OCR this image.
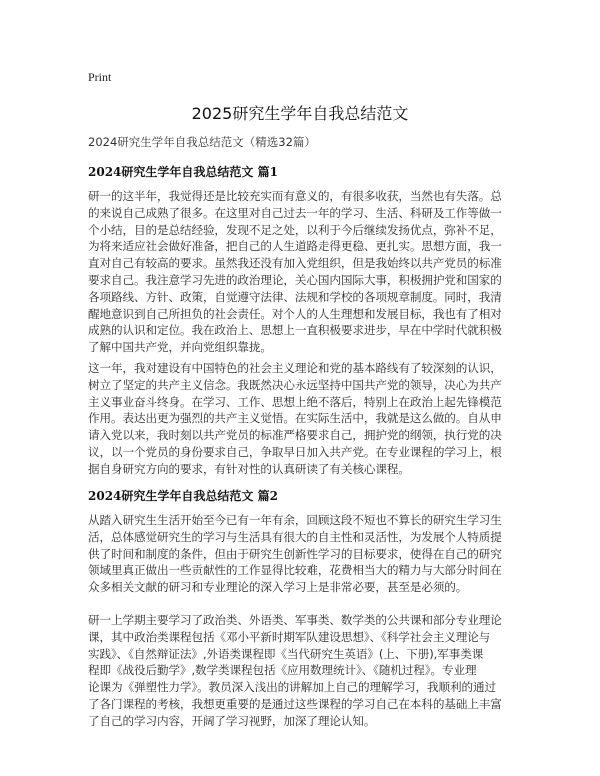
Print
2025研究生学年自我总结范文
2024研究生学年自我总结范文（精选32篇）
2024研究生学年自我总结范文 篇1

研一的这半年，我觉得还是比较充实而有意义的，有很多收获，当然也有失落。总
的来说自己成熟了很多。在这里对自己过去一年的学习、生活、科研及工作等做一
个小结，目的是总结经验，发现不足之处，以利于今后继续发扬优点，弥补不足，
为将来适应社会做好准备，把自己的人生道路走得更稳、更扎实。思想方面，我一
直对自己有较高的要求。虽然我还没有加入党组织，但是我始终以共产党员的标准
要求自己。我注意学习先进的政治理论，关心国内国际大事，积极拥护党和国家的
各项路线、方针、政策，自觉遵守法律、法规和学校的各项规章制度。同时，我清
醒地意识到自己所担负的社会责任。对个人的人生理想和发展目标，我也有了相对
成熟的认识和定位。我在政治上、思想上一直积极要求进步，早在中学时代就积极
了解中国共产党，并向党组织靠拢。

这一年，我对建设有中国特色的社会主义理论和党的基本路线有了较深刻的认识，
树立了坚定的共产主义信念。我既然决心永远坚持中国共产党的领导，决心为共产
主义事业奋斗终身。在学习、工作、思想上绝不落后，特别上在政治上起先锋模范
作用。表达出更为强烈的共产主义觉悟。在实际生活中，我就是这么做的。自从申
请入党以来，我时刻以共产党员的标准严格要求自己，拥护党的纲领，执行党的决
议，以一个党员的身份要求自己，争取早日加入共产党。在专业课程的学习上，根
据自身研究方向的要求，有针对性的认真研读了有关核心课程。

2024研究生学年自我总结范文 篇2

从踏入研究生生活开始至今已有一年有余，回顾这段不短也不算长的研究生学习生
活，总体感觉研究生的学习与生活具有很大的自主性和灵活性，为发展个人特质提
供了时间和制度的条件，但由于研究生创新性学习的目标要求，使得在自己的研究
领域里真正做出一些贡献性的工作显得比较难，花费相当大的精力与大部分时间在
众多相关文献的研习和专业理论的深入学习上是非常必要，甚至是必须的。

研一上学期主要学习了政治类、外语类、军事类、数学类的公共课和部分专业理论
课，其中政治类课程包括《邓小平新时期军队建设思想》、《科学社会主义理论与
实践》、《自然辩证法》,外语类课程即《当代研究生英语》(上、下册),军事类课
程即《战役后勤学》,数学类课程包括《应用数理统计》、《随机过程》。专业理
论课为《弹塑性力学》。教员深入浅出的讲解加上自己的理解学习，我顺利的通过
了各门课程的考核，我想更重要的是通过这些课程的学习自己在本科的基础上丰富
了自己的学习内容，开阔了学习视野，加深了理论认知。
